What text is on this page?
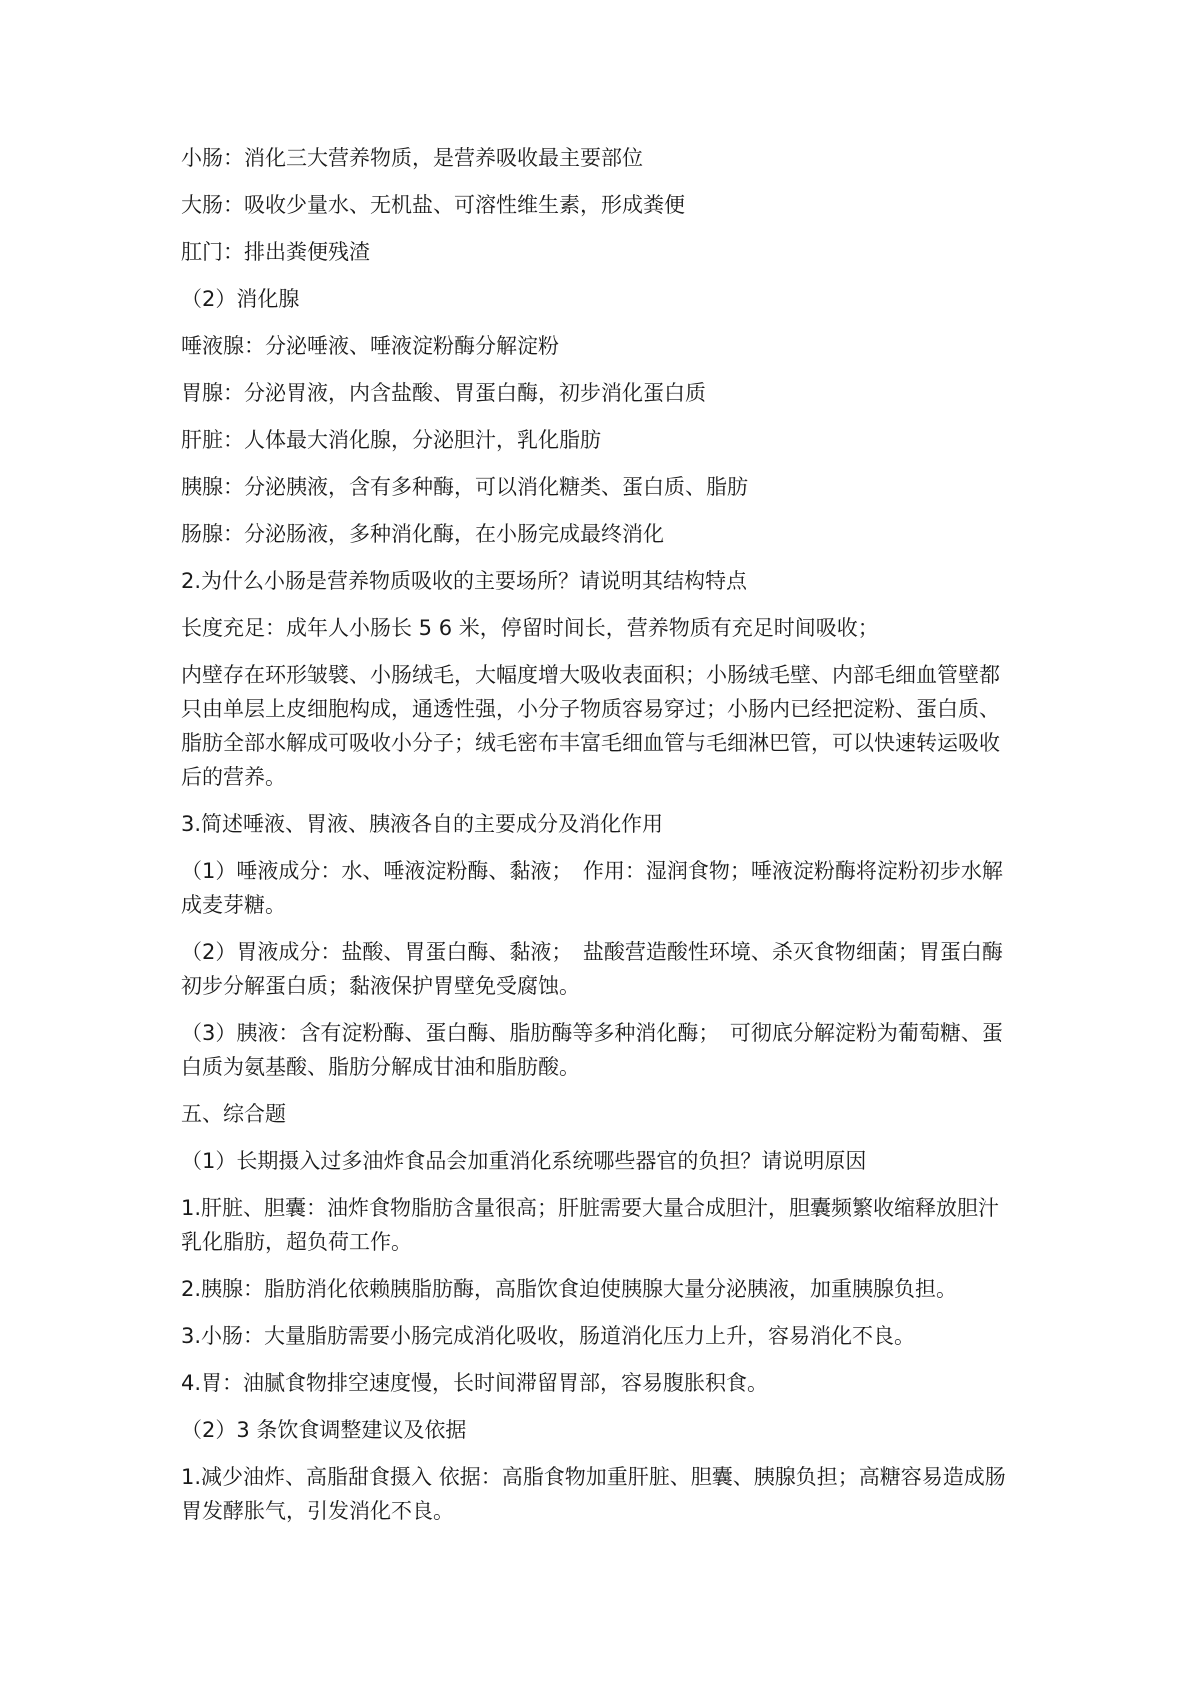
小肠：消化三大营养物质，是营养吸收最主要部位

大肠：吸收少量水、无机盐、可溶性维生素，形成粪便

肛门：排出粪便残渣

（2）消化腺

唾液腺：分泌唾液、唾液淀粉酶分解淀粉

胃腺：分泌胃液，内含盐酸、胃蛋白酶，初步消化蛋白质

肝脏：人体最大消化腺，分泌胆汁，乳化脂肪

胰腺：分泌胰液，含有多种酶，可以消化糖类、蛋白质、脂肪

肠腺：分泌肠液，多种消化酶，在小肠完成最终消化

2.为什么小肠是营养物质吸收的主要场所？请说明其结构特点

长度充足：成年人小肠长 5 6 米，停留时间长，营养物质有充足时间吸收；

内壁存在环形皱襞、小肠绒毛，大幅度增大吸收表面积；小肠绒毛壁、内部毛细血管壁都只由单层上皮细胞构成，通透性强，小分子物质容易穿过；小肠内已经把淀粉、蛋白质、脂肪全部水解成可吸收小分子；绒毛密布丰富毛细血管与毛细淋巴管，可以快速转运吸收后的营养。

3.简述唾液、胃液、胰液各自的主要成分及消化作用

（1）唾液成分：水、唾液淀粉酶、黏液；　作用：湿润食物；唾液淀粉酶将淀粉初步水解成麦芽糖。

（2）胃液成分：盐酸、胃蛋白酶、黏液；　盐酸营造酸性环境、杀灭食物细菌；胃蛋白酶初步分解蛋白质；黏液保护胃壁免受腐蚀。

（3）胰液：含有淀粉酶、蛋白酶、脂肪酶等多种消化酶；　可彻底分解淀粉为葡萄糖、蛋白质为氨基酸、脂肪分解成甘油和脂肪酸。

五、综合题

（1）长期摄入过多油炸食品会加重消化系统哪些器官的负担？请说明原因

1.肝脏、胆囊：油炸食物脂肪含量很高；肝脏需要大量合成胆汁，胆囊频繁收缩释放胆汁乳化脂肪，超负荷工作。

2.胰腺：脂肪消化依赖胰脂肪酶，高脂饮食迫使胰腺大量分泌胰液，加重胰腺负担。

3.小肠：大量脂肪需要小肠完成消化吸收，肠道消化压力上升，容易消化不良。

4.胃：油腻食物排空速度慢，长时间滞留胃部，容易腹胀积食。

（2）3 条饮食调整建议及依据

1.减少油炸、高脂甜食摄入 依据：高脂食物加重肝脏、胆囊、胰腺负担；高糖容易造成肠胃发酵胀气，引发消化不良。
